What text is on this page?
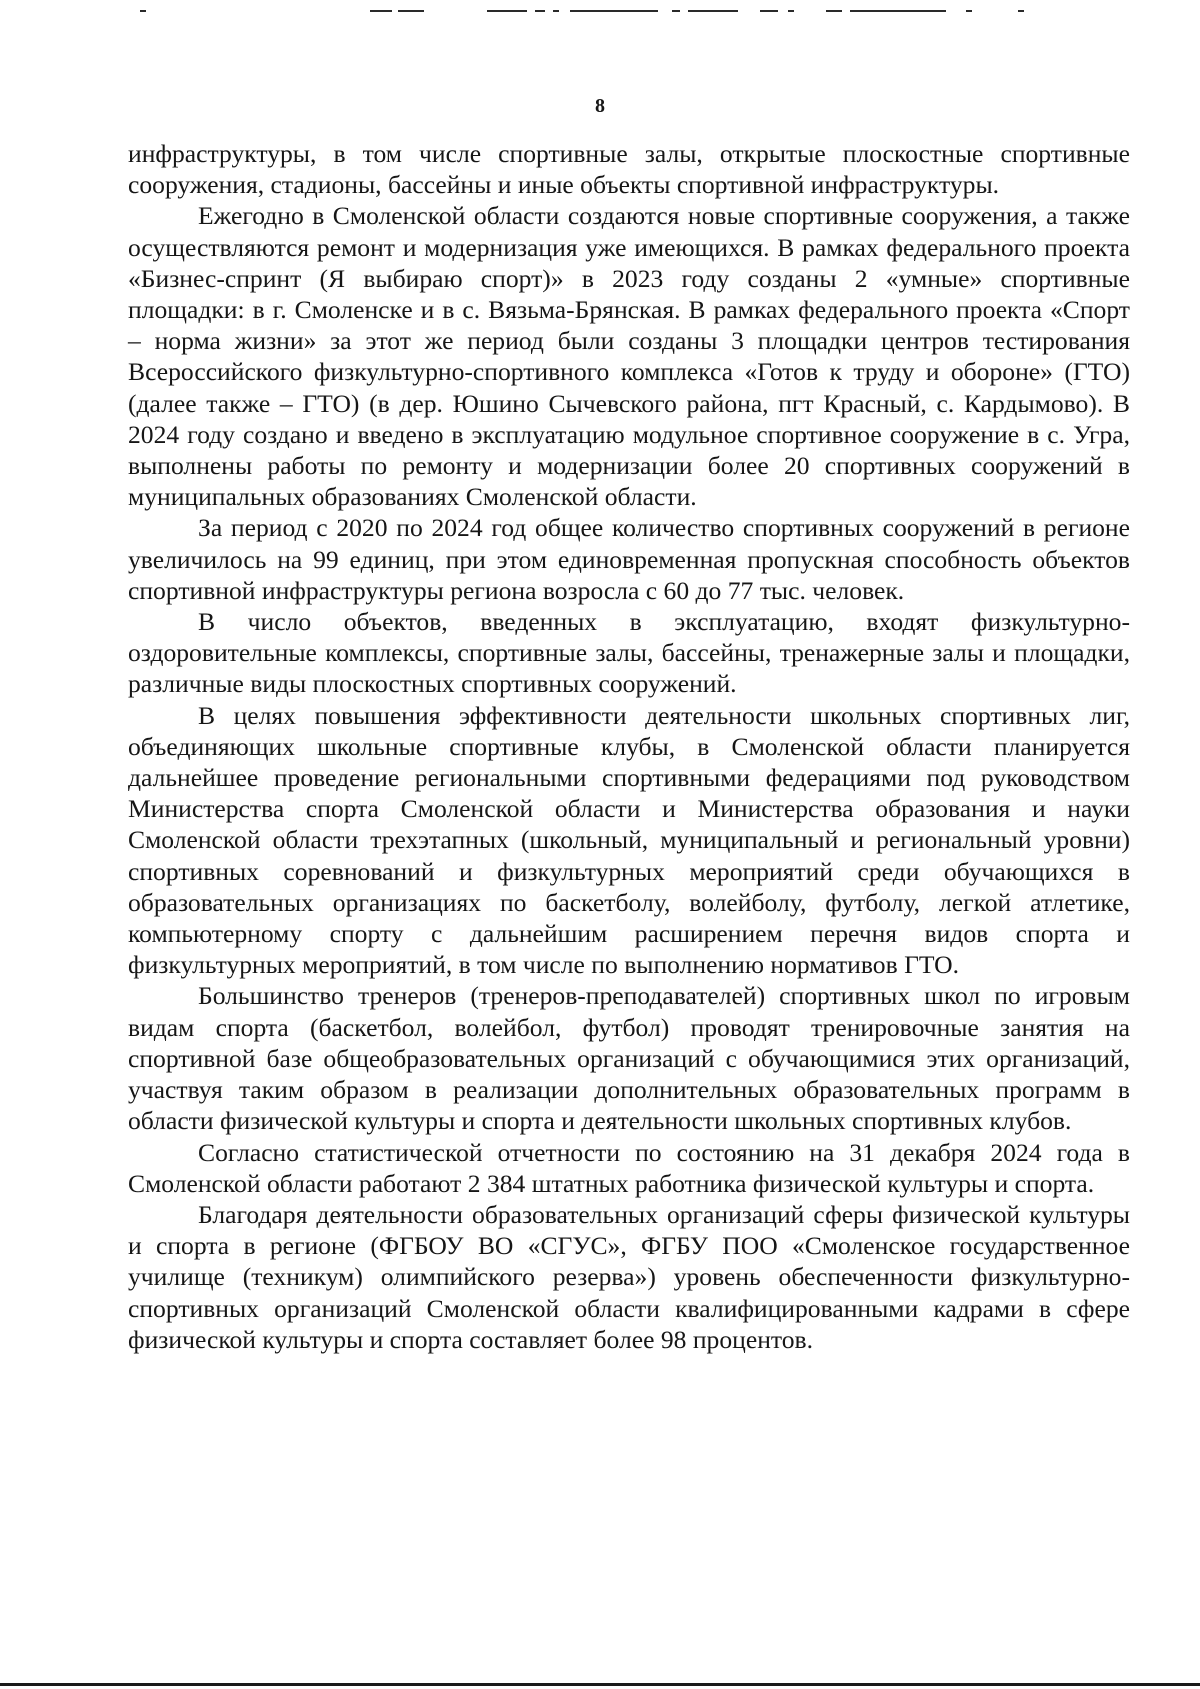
8

инфраструктуры, в том числе спортивные залы, открытые плоскостные спортивные сооружения, стадионы, бассейны и иные объекты спортивной инфраструктуры.

Ежегодно в Смоленской области создаются новые спортивные сооружения, а также осуществляются ремонт и модернизация уже имеющихся. В рамках федерального проекта «Бизнес-спринт (Я выбираю спорт)» в 2023 году созданы 2 «умные» спортивные площадки: в г. Смоленске и в с. Вязьма-Брянская. В рамках федерального проекта «Спорт – норма жизни» за этот же период были созданы 3 площадки центров тестирования Всероссийского физкультурно-спортивного комплекса «Готов к труду и обороне» (ГТО) (далее также – ГТО) (в дер. Юшино Сычевского района, пгт Красный, с. Кардымово). В 2024 году создано и введено в эксплуатацию модульное спортивное сооружение в с. Угра, выполнены работы по ремонту и модернизации более 20 спортивных сооружений в муниципальных образованиях Смоленской области.

За период с 2020 по 2024 год общее количество спортивных сооружений в регионе увеличилось на 99 единиц, при этом единовременная пропускная способность объектов спортивной инфраструктуры региона возросла с 60 до 77 тыс. человек.

В число объектов, введенных в эксплуатацию, входят физкультурно-оздоровительные комплексы, спортивные залы, бассейны, тренажерные залы и площадки, различные виды плоскостных спортивных сооружений.

В целях повышения эффективности деятельности школьных спортивных лиг, объединяющих школьные спортивные клубы, в Смоленской области планируется дальнейшее проведение региональными спортивными федерациями под руководством Министерства спорта Смоленской области и Министерства образования и науки Смоленской области трехэтапных (школьный, муниципальный и региональный уровни) спортивных соревнований и физкультурных мероприятий среди обучающихся в образовательных организациях по баскетболу, волейболу, футболу, легкой атлетике, компьютерному спорту с дальнейшим расширением перечня видов спорта и физкультурных мероприятий, в том числе по выполнению нормативов ГТО.

Большинство тренеров (тренеров-преподавателей) спортивных школ по игровым видам спорта (баскетбол, волейбол, футбол) проводят тренировочные занятия на спортивной базе общеобразовательных организаций с обучающимися этих организаций, участвуя таким образом в реализации дополнительных образовательных программ в области физической культуры и спорта и деятельности школьных спортивных клубов.

Согласно статистической отчетности по состоянию на 31 декабря 2024 года в Смоленской области работают 2 384 штатных работника физической культуры и спорта.

Благодаря деятельности образовательных организаций сферы физической культуры и спорта в регионе (ФГБОУ ВО «СГУС», ФГБУ ПОО «Смоленское государственное училище (техникум) олимпийского резерва») уровень обеспеченности физкультурно-спортивных организаций Смоленской области квалифицированными кадрами в сфере физической культуры и спорта составляет более 98 процентов.
